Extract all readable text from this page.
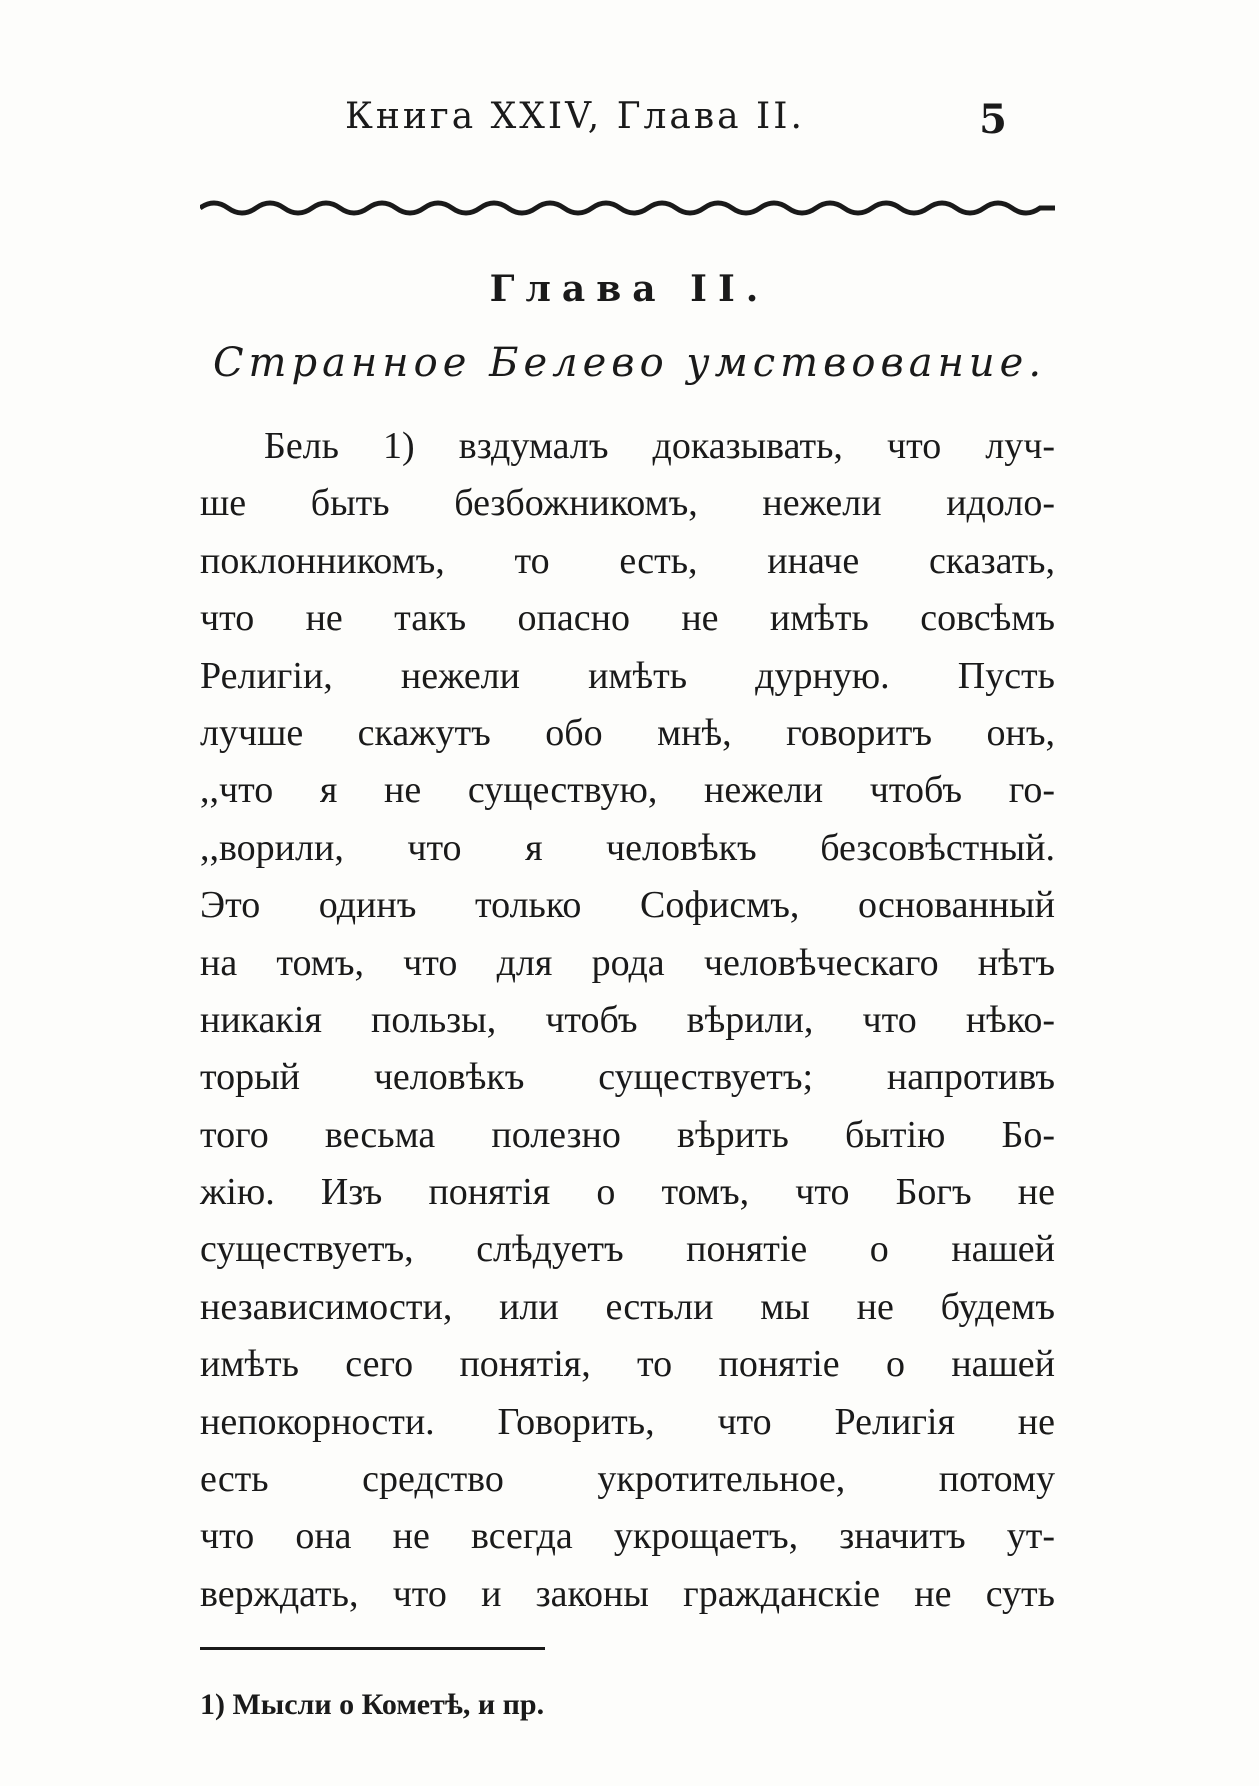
Книга XXIV, Глава II.	5
Глава II.
Странное Белево умствование.
Бель 1) вздумалъ доказывать, что луч-
ше быть безбожникомъ, нежели идоло-
поклонникомъ, то есть, иначе сказать,
что не такъ опасно не имѣть совсѣмъ
Религіи, нежели имѣть дурную. Пусть
лучше скажутъ обо мнѣ, говоритъ онъ,
,,что я не существую, нежели чтобъ го-
,,ворили, что я человѣкъ безсовѣстный.
Это одинъ только Софисмъ, основанный
на томъ, что для рода человѣческаго нѣтъ
никакія пользы, чтобъ вѣрили, что нѣко-
торый человѣкъ существуетъ; напротивъ
того весьма полезно вѣрить бытію Бо-
жію. Изъ понятія о томъ, что Богъ не
существуетъ, слѣдуетъ понятіе о нашей
независимости, или естьли мы не будемъ
имѣть сего понятія, то понятіе о нашей
непокорности. Говорить, что Религія не
есть средство укротительное, потому
что она не всегда укрощаетъ, значитъ ут-
верждать, что и законы гражданскіе не суть
1) Мысли о Кометѣ, и пр.
